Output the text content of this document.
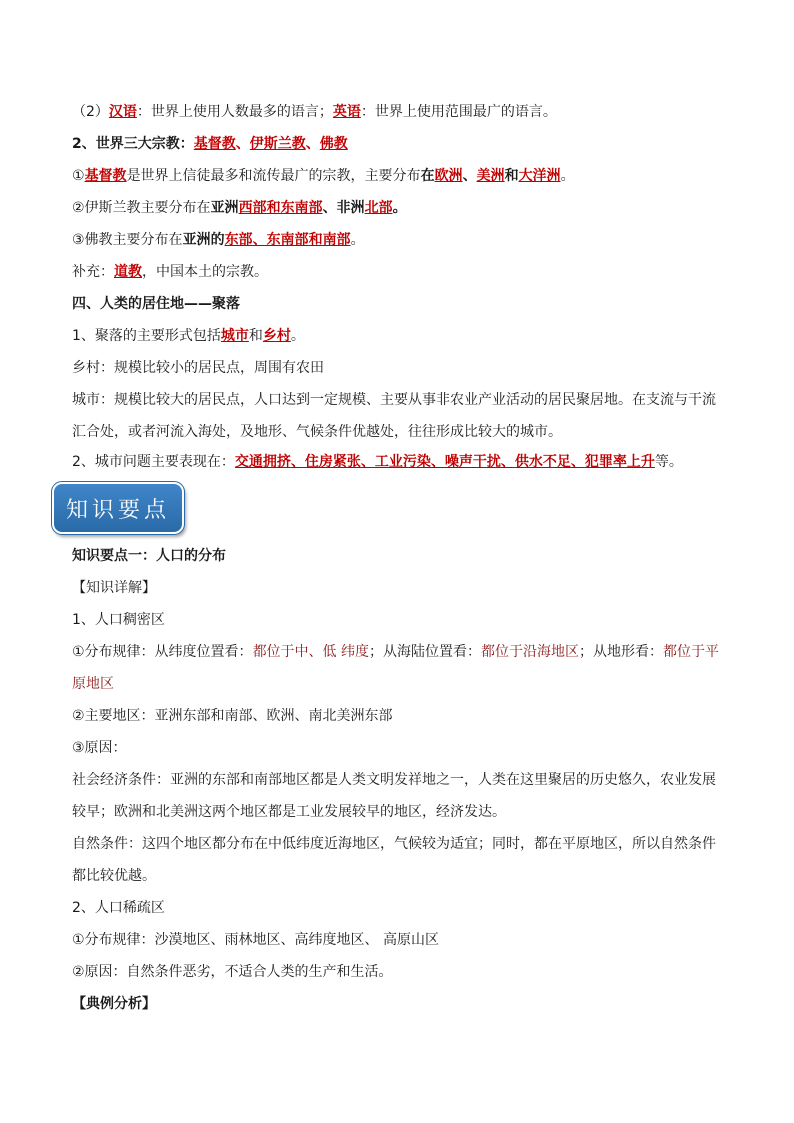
（2）汉语：世界上使用人数最多的语言；英语：世界上使用范围最广的语言。
2、世界三大宗教：基督教、伊斯兰教、佛教
①基督教是世界上信徒最多和流传最广的宗教，主要分布在欧洲、美洲和大洋洲。
②伊斯兰教主要分布在亚洲西部和东南部、非洲北部。
③佛教主要分布在亚洲的东部、东南部和南部。
补充：道教，中国本土的宗教。
四、人类的居住地——聚落
1、聚落的主要形式包括城市和乡村。
乡村：规模比较小的居民点，周围有农田
城市：规模比较大的居民点，人口达到一定规模、主要从事非农业产业活动的居民聚居地。在支流与干流汇合处，或者河流入海处，及地形、气候条件优越处，往往形成比较大的城市。
2、城市问题主要表现在：交通拥挤、住房紧张、工业污染、噪声干扰、供水不足、犯罪率上升等。
知识要点
知识要点一：人口的分布
【知识详解】
1、人口稠密区
①分布规律：从纬度位置看：都位于中、低 纬度；从海陆位置看：都位于沿海地区；从地形看：都位于平原地区
②主要地区：亚洲东部和南部、欧洲、南北美洲东部
③原因：
社会经济条件：亚洲的东部和南部地区都是人类文明发祥地之一，人类在这里聚居的历史悠久，农业发展较早；欧洲和北美洲这两个地区都是工业发展较早的地区，经济发达。
自然条件：这四个地区都分布在中低纬度近海地区，气候较为适宜；同时，都在平原地区，所以自然条件都比较优越。
2、人口稀疏区
①分布规律：沙漠地区、雨林地区、高纬度地区、 高原山区
②原因：自然条件恶劣，不适合人类的生产和生活。
【典例分析】
